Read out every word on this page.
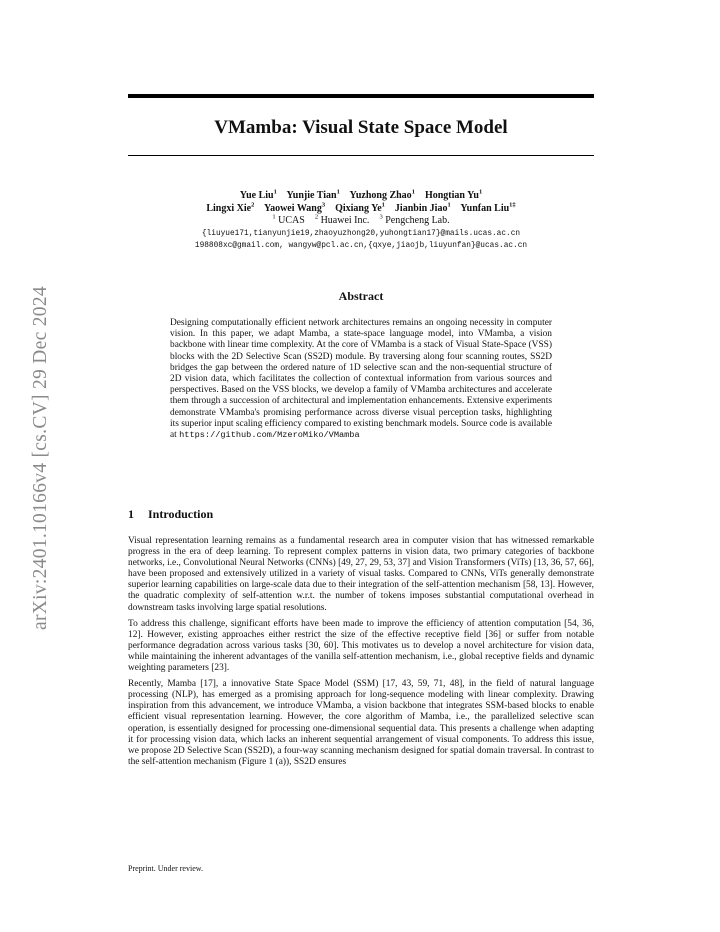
arXiv:2401.10166v4 [cs.CV] 29 Dec 2024
VMamba: Visual State Space Model
Yue Liu$^1$ Yunjie Tian$^1$ Yuzhong Zhao$^1$ Hongtian Yu$^1$
Lingxi Xie$^2$ Yaowei Wang$^3$ Qixiang Ye$^1$ Jianbin Jiao$^1$ Yunfan Liu$^{1\ddagger}$
$^1$ UCAS $^2$ Huawei Inc. $^3$ Pengcheng Lab.
{liuyue171,tianyunjie19,zhaoyuzhong20,yuhongtian17}@mails.ucas.ac.cn
198808xc@gmail.com, wangyw@pcl.ac.cn,{qxye,jiaojb,liuyunfan}@ucas.ac.cn
Abstract
Designing computationally efficient network architectures remains an ongoing necessity in computer vision. In this paper, we adapt Mamba, a state-space language model, into VMamba, a vision backbone with linear time complexity. At the core of VMamba is a stack of Visual State-Space (VSS) blocks with the 2D Selective Scan (SS2D) module. By traversing along four scanning routes, SS2D bridges the gap between the ordered nature of 1D selective scan and the non-sequential structure of 2D vision data, which facilitates the collection of contextual information from various sources and perspectives. Based on the VSS blocks, we develop a family of VMamba architectures and accelerate them through a succession of architectural and implementation enhancements. Extensive experiments demonstrate VMamba's promising performance across diverse visual perception tasks, highlighting its superior input scaling efficiency compared to existing benchmark models. Source code is available at https://github.com/MzeroMiko/VMamba
1 Introduction

Visual representation learning remains as a fundamental research area in computer vision that has witnessed remarkable progress in the era of deep learning. To represent complex patterns in vision data, two primary categories of backbone networks, i.e., Convolutional Neural Networks (CNNs) [49, 27, 29, 53, 37] and Vision Transformers (ViTs) [13, 36, 57, 66], have been proposed and extensively utilized in a variety of visual tasks. Compared to CNNs, ViTs generally demonstrate superior learning capabilities on large-scale data due to their integration of the self-attention mechanism [58, 13]. However, the quadratic complexity of self-attention w.r.t. the number of tokens imposes substantial computational overhead in downstream tasks involving large spatial resolutions.

To address this challenge, significant efforts have been made to improve the efficiency of attention computation [54, 36, 12]. However, existing approaches either restrict the size of the effective receptive field [36] or suffer from notable performance degradation across various tasks [30, 60]. This motivates us to develop a novel architecture for vision data, while maintaining the inherent advantages of the vanilla self-attention mechanism, i.e., global receptive fields and dynamic weighting parameters [23].

Recently, Mamba [17], a innovative State Space Model (SSM) [17, 43, 59, 71, 48], in the field of natural language processing (NLP), has emerged as a promising approach for long-sequence modeling with linear complexity. Drawing inspiration from this advancement, we introduce VMamba, a vision backbone that integrates SSM-based blocks to enable efficient visual representation learning. However, the core algorithm of Mamba, i.e., the parallelized selective scan operation, is essentially designed for processing one-dimensional sequential data. This presents a challenge when adapting it for processing vision data, which lacks an inherent sequential arrangement of visual components. To address this issue, we propose 2D Selective Scan (SS2D), a four-way scanning mechanism designed for spatial domain traversal. In contrast to the self-attention mechanism (Figure 1 (a)), SS2D ensures

Preprint. Under review.
